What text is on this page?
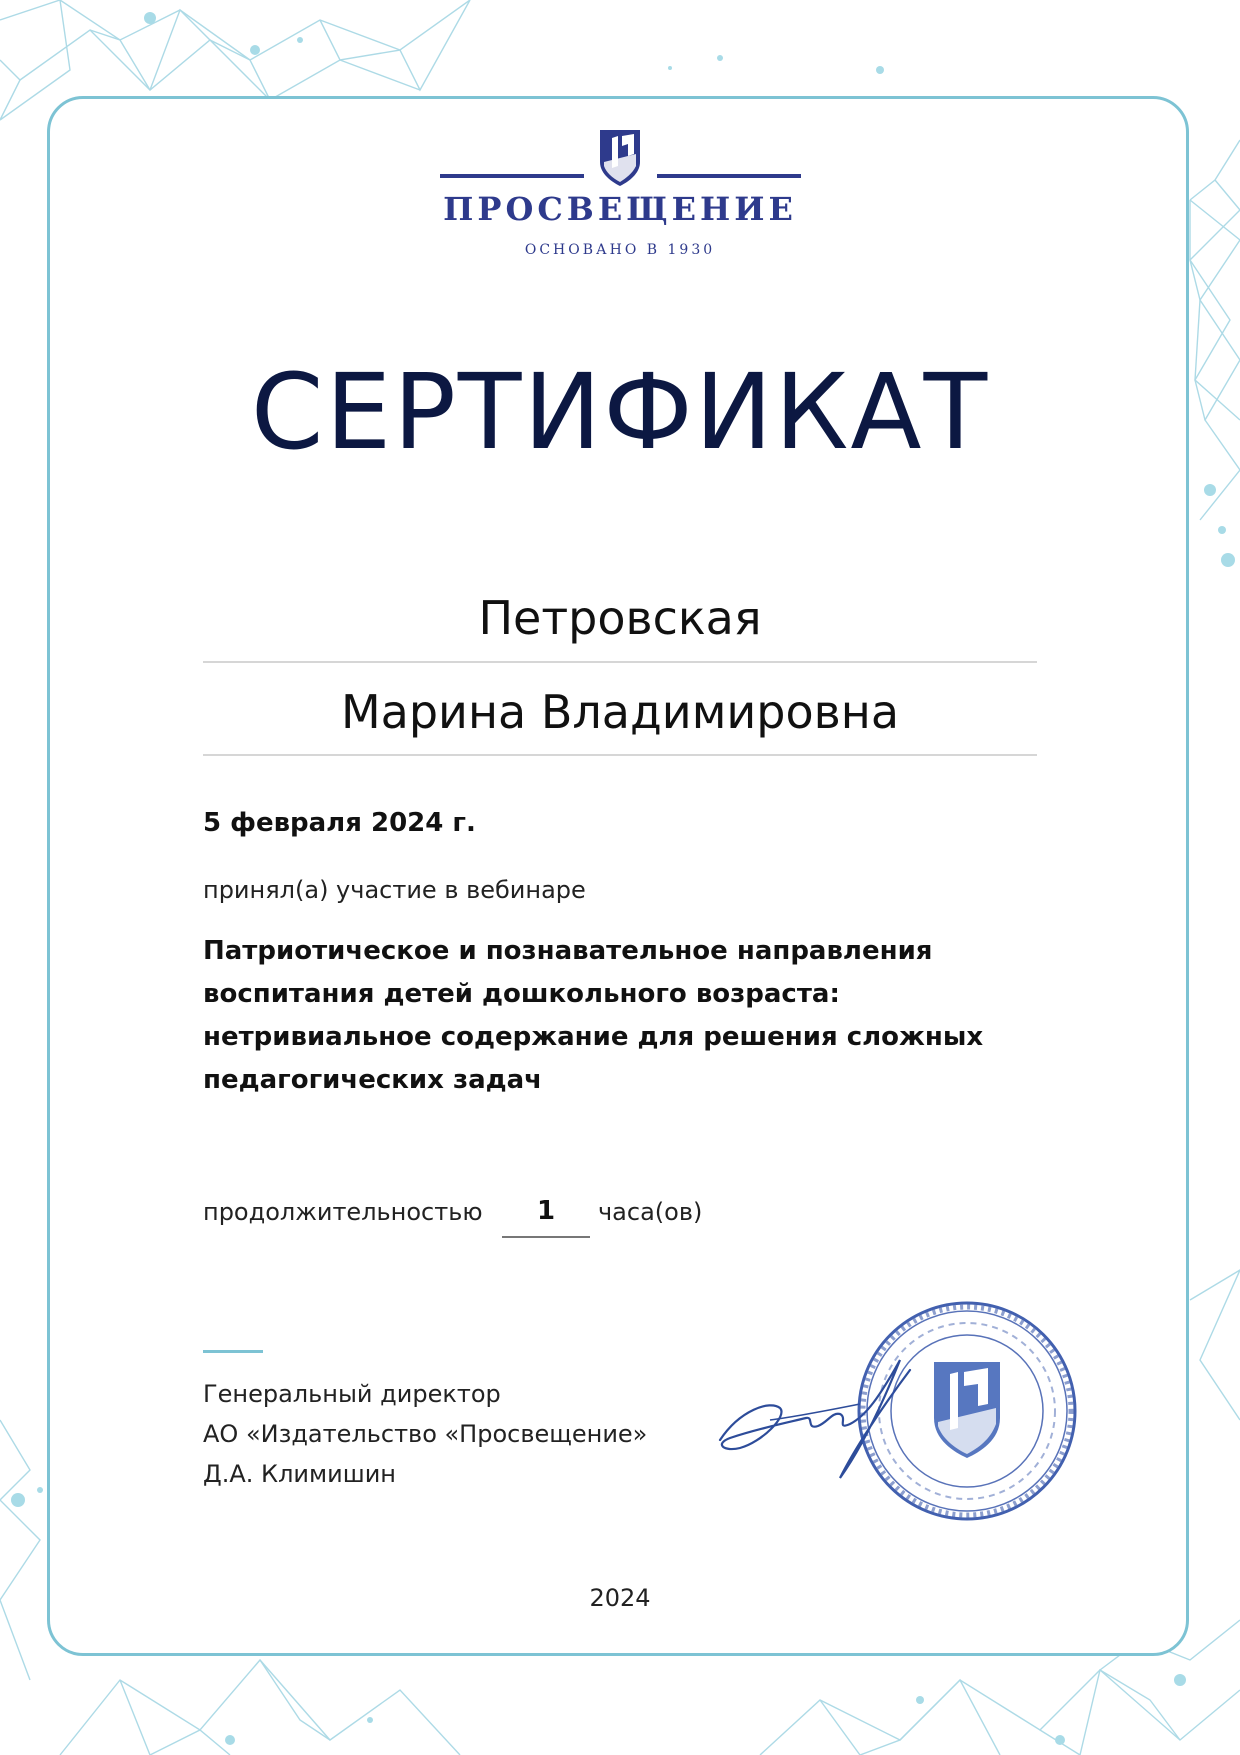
ПРОСВЕЩЕНИЕ
ОСНОВАНО В 1930
СЕРТИФИКАТ
Петровская
Марина Владимировна
5 февраля 2024 г.
принял(а) участие в вебинаре
Патриотическое и познавательное направления воспитания детей дошкольного возраста: нетривиальное содержание для решения сложных педагогических задач
продолжительностью	1	часа(ов)
Генеральный директор
АО «Издательство «Просвещение»
Д.А. Климишин
2024
